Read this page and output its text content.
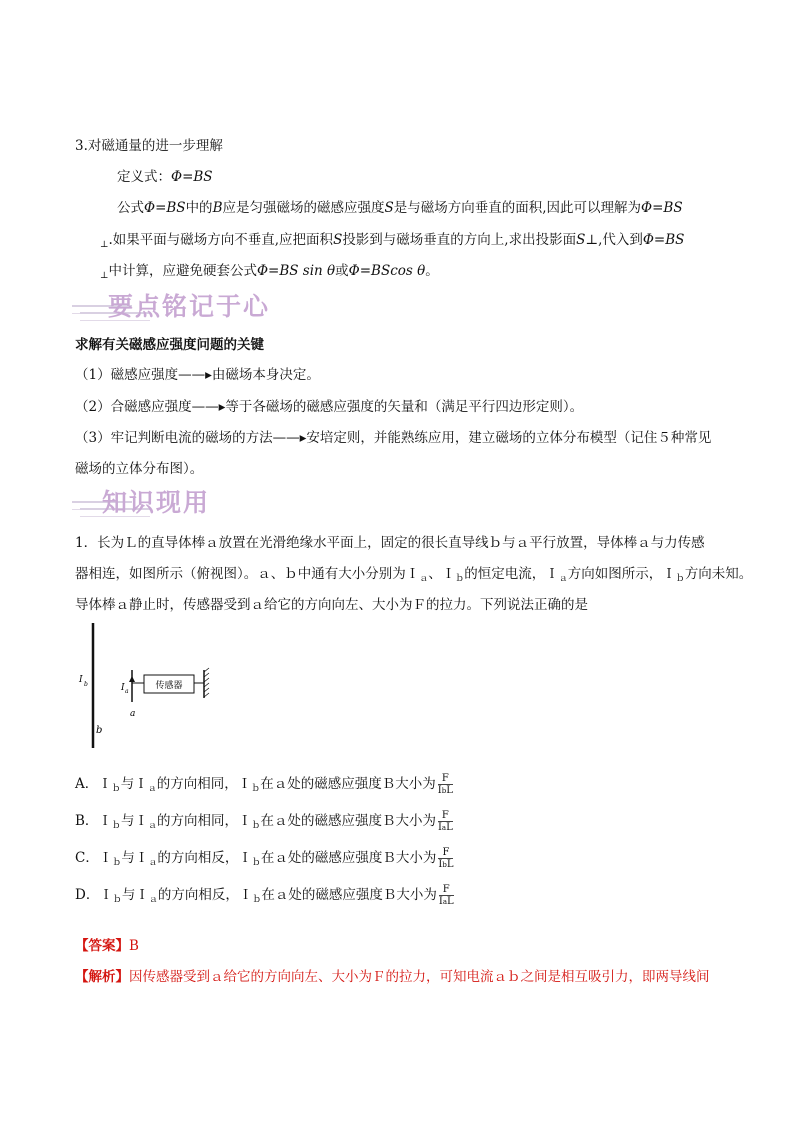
3.对磁通量的进一步理解
定义式：Φ=BS
公式Φ=BS中的B应是匀强磁场的磁感应强度S是与磁场方向垂直的面积,因此可以理解为Φ=BS
$_\perp$.如果平面与磁场方向不垂直,应把面积S投影到与磁场垂直的方向上,求出投影面S⊥,代入到Φ=BS
$_\perp$中计算，应避免硬套公式Φ=BS sin θ或Φ=BScos θ。
要点铭记于心
求解有关磁感应强度问题的关键
（1）磁感应强度——▸由磁场本身决定。
（2）合磁感应强度——▸等于各磁场的磁感应强度的矢量和（满足平行四边形定则）。
（3）牢记判断电流的磁场的方法——▸安培定则，并能熟练应用，建立磁场的立体分布模型（记住５种常见
磁场的立体分布图）。
知识现用
1．长为Ｌ的直导体棒ａ放置在光滑绝缘水平面上，固定的很长直导线ｂ与ａ平行放置，导体棒ａ与力传感
器相连，如图所示（俯视图）。ａ、ｂ中通有大小分别为Ｉ$_a$、Ｉ$_b$的恒定电流，Ｉ$_a$方向如图所示，Ｉ$_b$方向未知。
导体棒ａ静止时，传感器受到ａ给它的方向向左、大小为Ｆ的拉力。下列说法正确的是
I b
b
I a
a
传感器
A．Ｉ$_b$与Ｉ$_a$的方向相同，Ｉ$_b$在ａ处的磁感应强度Ｂ大小为 $\frac{F}{\text{IbL}}$
B．Ｉ$_b$与Ｉ$_a$的方向相同，Ｉ$_b$在ａ处的磁感应强度Ｂ大小为 $\frac{F}{\text{IaL}}$
C．Ｉ$_b$与Ｉ$_a$的方向相反，Ｉ$_b$在ａ处的磁感应强度Ｂ大小为 $\frac{F}{\text{IbL}}$
D．Ｉ$_b$与Ｉ$_a$的方向相反，Ｉ$_b$在ａ处的磁感应强度Ｂ大小为 $\frac{F}{\text{IaL}}$
【答案】B
【解析】因传感器受到ａ给它的方向向左、大小为Ｆ的拉力，可知电流ａｂ之间是相互吸引力，即两导线间
